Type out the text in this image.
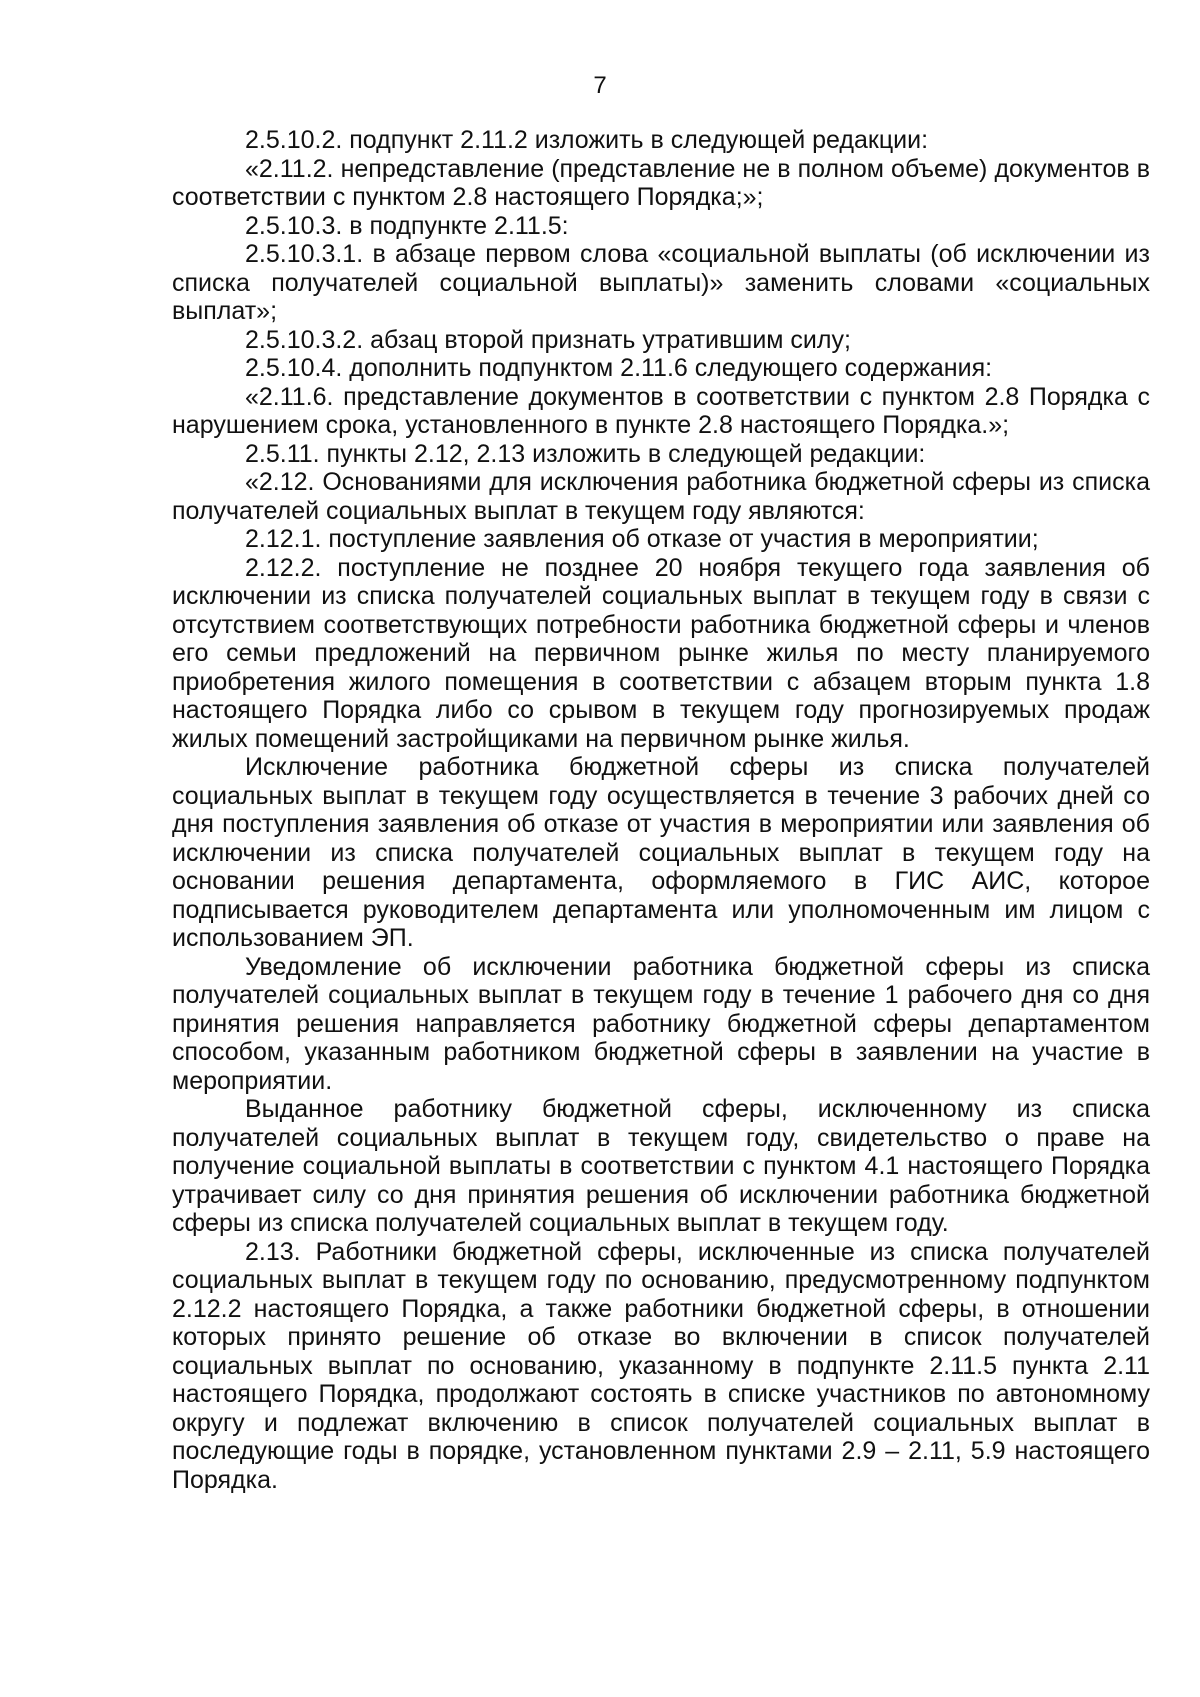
7

2.5.10.2. подпункт 2.11.2 изложить в следующей редакции:

«2.11.2. непредставление (представление не в полном объеме) документов в соответствии с пунктом 2.8 настоящего Порядка;»;

2.5.10.3. в подпункте 2.11.5:

2.5.10.3.1. в абзаце первом слова «социальной выплаты (об исключении из списка получателей социальной выплаты)» заменить словами «социальных выплат»;

2.5.10.3.2. абзац второй признать утратившим силу;

2.5.10.4. дополнить подпунктом 2.11.6 следующего содержания:

«2.11.6. представление документов в соответствии с пунктом 2.8 Порядка с нарушением срока, установленного в пункте 2.8 настоящего Порядка.»;

2.5.11. пункты 2.12, 2.13 изложить в следующей редакции:

«2.12. Основаниями для исключения работника бюджетной сферы из списка получателей социальных выплат в текущем году являются:

2.12.1. поступление заявления об отказе от участия в мероприятии;

2.12.2. поступление не позднее 20 ноября текущего года заявления об исключении из списка получателей социальных выплат в текущем году в связи с отсутствием соответствующих потребности работника бюджетной сферы и членов его семьи предложений на первичном рынке жилья по месту планируемого приобретения жилого помещения в соответствии с абзацем вторым пункта 1.8 настоящего Порядка либо со срывом в текущем году прогнозируемых продаж жилых помещений застройщиками на первичном рынке жилья.

Исключение работника бюджетной сферы из списка получателей социальных выплат в текущем году осуществляется в течение 3 рабочих дней со дня поступления заявления об отказе от участия в мероприятии или заявления об исключении из списка получателей социальных выплат в текущем году на основании решения департамента, оформляемого в ГИС АИС, которое подписывается руководителем департамента или уполномоченным им лицом с использованием ЭП.

Уведомление об исключении работника бюджетной сферы из списка получателей социальных выплат в текущем году в течение 1 рабочего дня со дня принятия решения направляется работнику бюджетной сферы департаментом способом, указанным работником бюджетной сферы в заявлении на участие в мероприятии.

Выданное работнику бюджетной сферы, исключенному из списка получателей социальных выплат в текущем году, свидетельство о праве на получение социальной выплаты в соответствии с пунктом 4.1 настоящего Порядка утрачивает силу со дня принятия решения об исключении работника бюджетной сферы из списка получателей социальных выплат в текущем году.

2.13. Работники бюджетной сферы, исключенные из списка получателей социальных выплат в текущем году по основанию, предусмотренному подпунктом 2.12.2 настоящего Порядка, а также работники бюджетной сферы, в отношении которых принято решение об отказе во включении в список получателей социальных выплат по основанию, указанному в подпункте 2.11.5 пункта 2.11 настоящего Порядка, продолжают состоять в списке участников по автономному округу и подлежат включению в список получателей социальных выплат в последующие годы в порядке, установленном пунктами 2.9 – 2.11, 5.9 настоящего Порядка.
